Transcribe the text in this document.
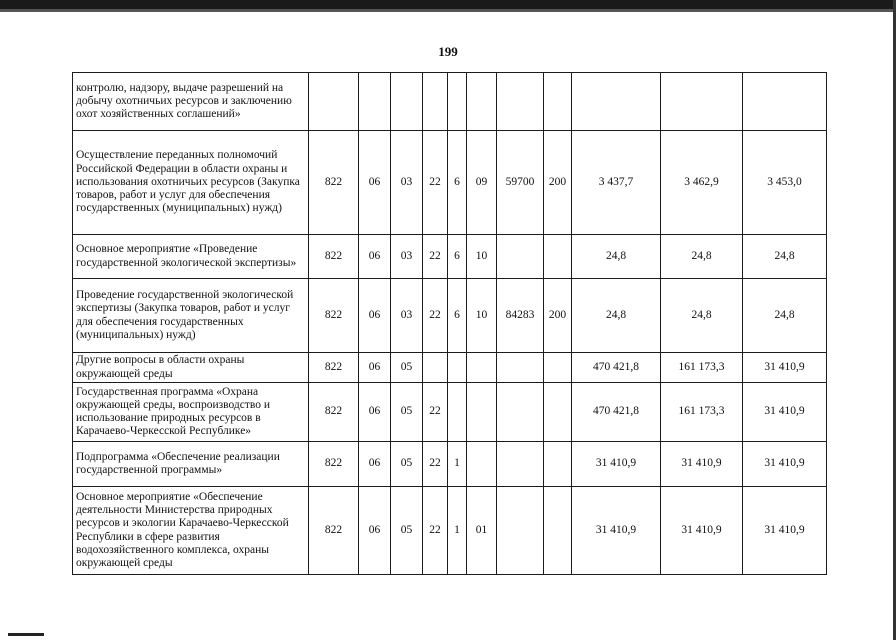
199
контролю, надзору, выдаче разрешений на добычу охотничьих ресурсов и заключению охот хозяйственных соглашений»											
Осуществление переданных полномочий Российской Федерации в области охраны и использования охотничьих ресурсов (Закупка товаров, работ и услуг для обеспечения государственных (муниципальных) нужд)	822	06	03	22	6	09	59700	200	3 437,7	3 462,9	3 453,0
Основное мероприятие «Проведение государственной экологической экспертизы»	822	06	03	22	6	10			24,8	24,8	24,8
Проведение государственной экологической экспертизы (Закупка товаров, работ и услуг для обеспечения государственных (муниципальных) нужд)	822	06	03	22	6	10	84283	200	24,8	24,8	24,8
Другие вопросы в области охраны окружающей среды	822	06	05						470 421,8	161 173,3	31 410,9
Государственная программа «Охрана окружающей среды, воспроизводство и использование природных ресурсов в Карачаево-Черкесской Республике»	822	06	05	22					470 421,8	161 173,3	31 410,9
Подпрограмма «Обеспечение реализации государственной программы»	822	06	05	22	1				31 410,9	31 410,9	31 410,9
Основное мероприятие «Обеспечение деятельности Министерства природных ресурсов и экологии Карачаево-Черкесской Республики в сфере развития водохозяйственного комплекса, охраны окружающей среды	822	06	05	22	1	01			31 410,9	31 410,9	31 410,9
